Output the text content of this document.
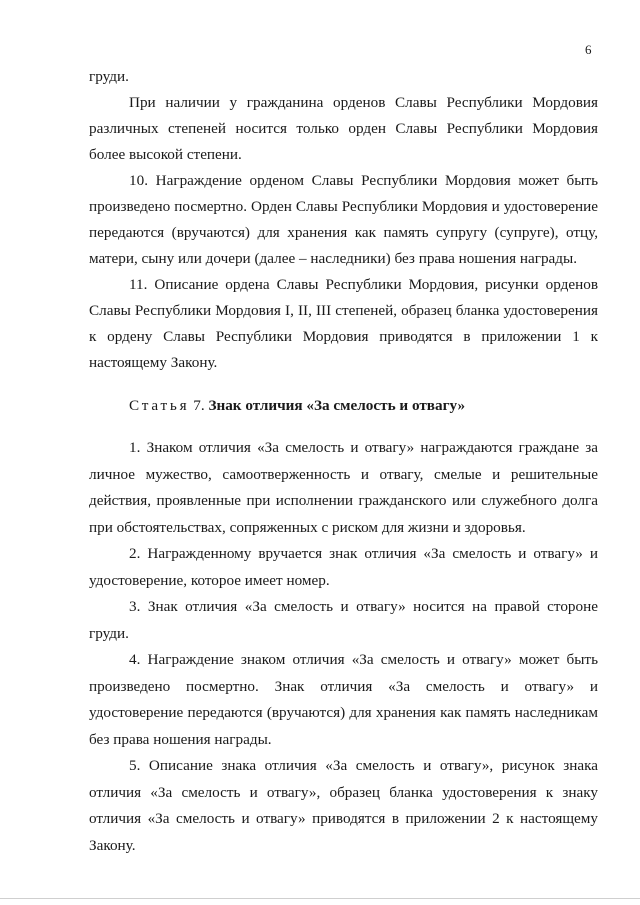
6

груди.

При наличии у гражданина орденов Славы Республики Мордовия различных степеней носится только орден Славы Республики Мордовия более высокой степени.

10. Награждение орденом Славы Республики Мордовия может быть произведено посмертно. Орден Славы Республики Мордовия и удостоверение передаются (вручаются) для хранения как память супругу (супруге), отцу, матери, сыну или дочери (далее – наследники) без права ношения награды.

11. Описание ордена Славы Республики Мордовия, рисунки орденов Славы Республики Мордовия I, II, III степеней, образец бланка удостоверения к ордену Славы Республики Мордовия приводятся в приложении 1 к настоящему Закону.

Статья 7. Знак отличия «За смелость и отвагу»

1. Знаком отличия «За смелость и отвагу» награждаются граждане за личное мужество, самоотверженность и отвагу, смелые и решительные действия, проявленные при исполнении гражданского или служебного долга при обстоятельствах, сопряженных с риском для жизни и здоровья.

2. Награжденному вручается знак отличия «За смелость и отвагу» и удостоверение, которое имеет номер.

3. Знак отличия «За смелость и отвагу» носится на правой стороне груди.

4. Награждение знаком отличия «За смелость и отвагу» может быть произведено посмертно. Знак отличия «За смелость и отвагу» и удостоверение передаются (вручаются) для хранения как память наследникам без права ношения награды.

5. Описание знака отличия «За смелость и отвагу», рисунок знака отличия «За смелость и отвагу», образец бланка удостоверения к знаку отличия «За смелость и отвагу» приводятся в приложении 2 к настоящему Закону.
